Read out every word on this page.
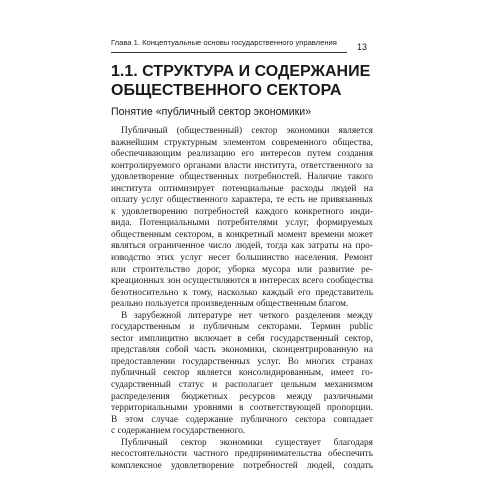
Глава 1. Концептуальные основы государственного управления	13
1.1. СТРУКТУРА И СОДЕРЖАНИЕ
ОБЩЕСТВЕННОГО СЕКТОРА
Понятие «публичный сектор экономики»
Публичный (общественный) сектор экономики является
важнейшим структурным элементом современного общества,
обеспечивающим реализацию его интересов путем создания
контролируемого органами власти института, ответственного за
удовлетворение общественных потребностей. Наличие такого
института оптимизирует потенциальные расходы людей на
оплату услуг общественного характера, те есть не привязанных
к удовлетворению потребностей каждого конкретного инди-
вида. Потенциальными потребителями услуг, формируемых
общественным сектором, в конкретный момент времени может
являться ограниченное число людей, тогда как затраты на про-
изводство этих услуг несет большинство населения. Ремонт
или строительство дорог, уборка мусора или развитие ре-
креационных зон осуществляются в интересах всего сообщества
безотносительно к тому, насколько каждый его представитель
реально пользуется произведенным общественным благом.
В зарубежной литературе нет четкого разделения между
государственным и публичным секторами. Термин public
sector имплицитно включает в себя государственный сектор,
представляя собой часть экономики, сконцентрированную на
предоставлении государственных услуг. Во многих странах
публичный сектор является консолидированным, имеет го-
сударственный статус и располагает цельным механизмом
распределения бюджетных ресурсов между различными
территориальными уровнями в соответствующей пропорции.
В этом случае содержание публичного сектора совпадает
с содержанием государственного.
Публичный сектор экономики существует благодаря
несостоятельности частного предпринимательства обеспечить
комплексное удовлетворение потребностей людей, создать
